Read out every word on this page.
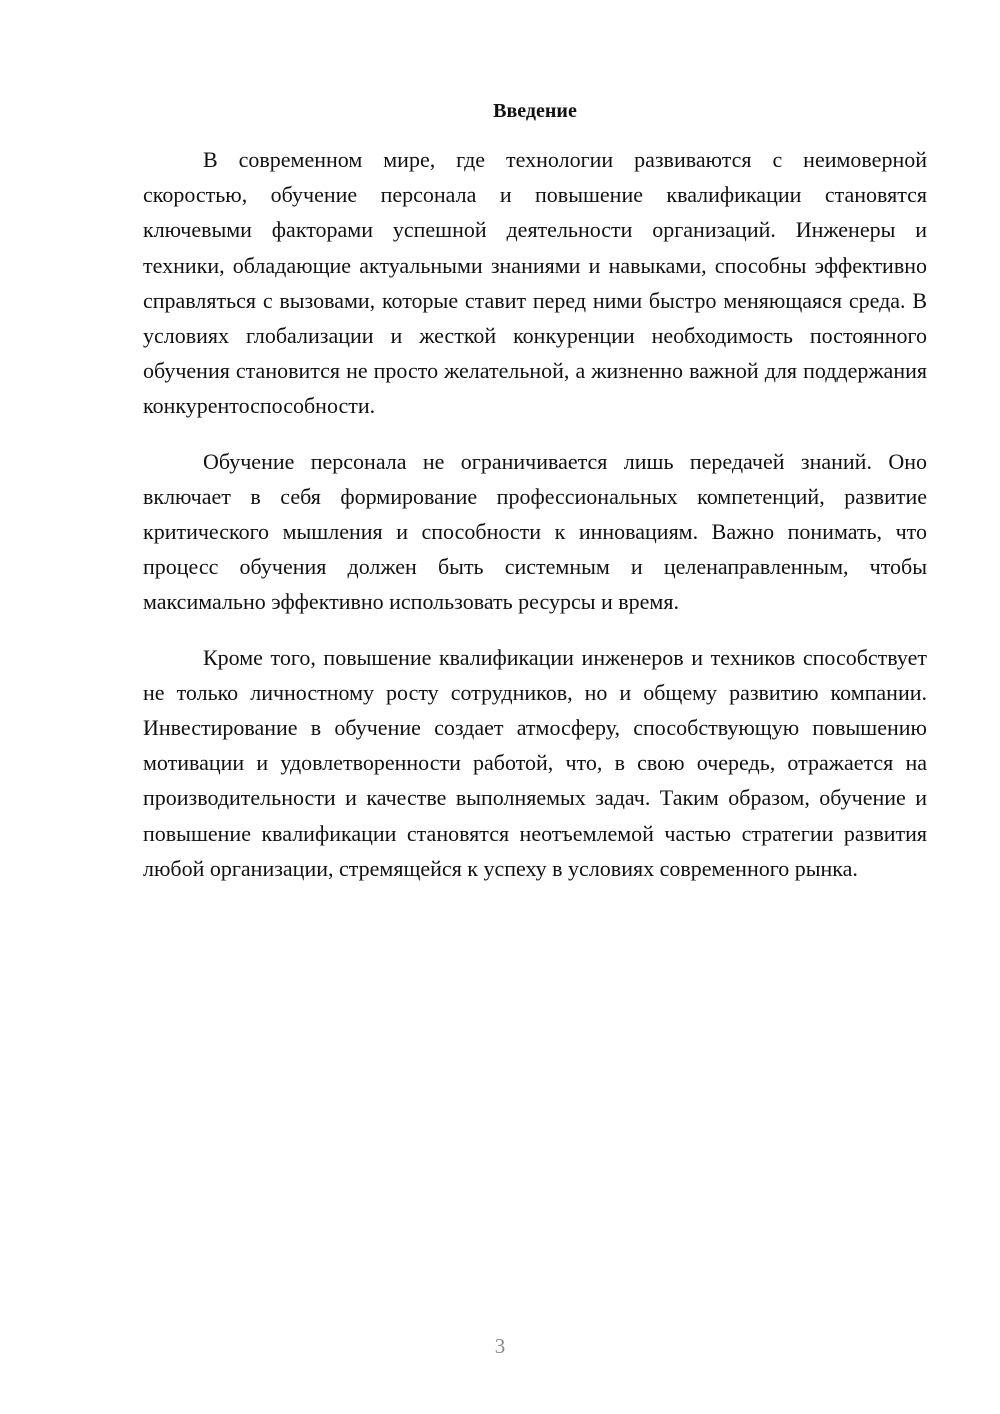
Введение

В современном мире, где технологии развиваются с неимоверной скоростью, обучение персонала и повышение квалификации становятся ключевыми факторами успешной деятельности организаций. Инженеры и техники, обладающие актуальными знаниями и навыками, способны эффективно справляться с вызовами, которые ставит перед ними быстро меняющаяся среда. В условиях глобализации и жесткой конкуренции необходимость постоянного обучения становится не просто желательной, а жизненно важной для поддержания конкурентоспособности.

Обучение персонала не ограничивается лишь передачей знаний. Оно включает в себя формирование профессиональных компетенций, развитие критического мышления и способности к инновациям. Важно понимать, что процесс обучения должен быть системным и целенаправленным, чтобы максимально эффективно использовать ресурсы и время.

Кроме того, повышение квалификации инженеров и техников способствует не только личностному росту сотрудников, но и общему развитию компании. Инвестирование в обучение создает атмосферу, способствующую повышению мотивации и удовлетворенности работой, что, в свою очередь, отражается на производительности и качестве выполняемых задач. Таким образом, обучение и повышение квалификации становятся неотъемлемой частью стратегии развития любой организации, стремящейся к успеху в условиях современного рынка.

3
